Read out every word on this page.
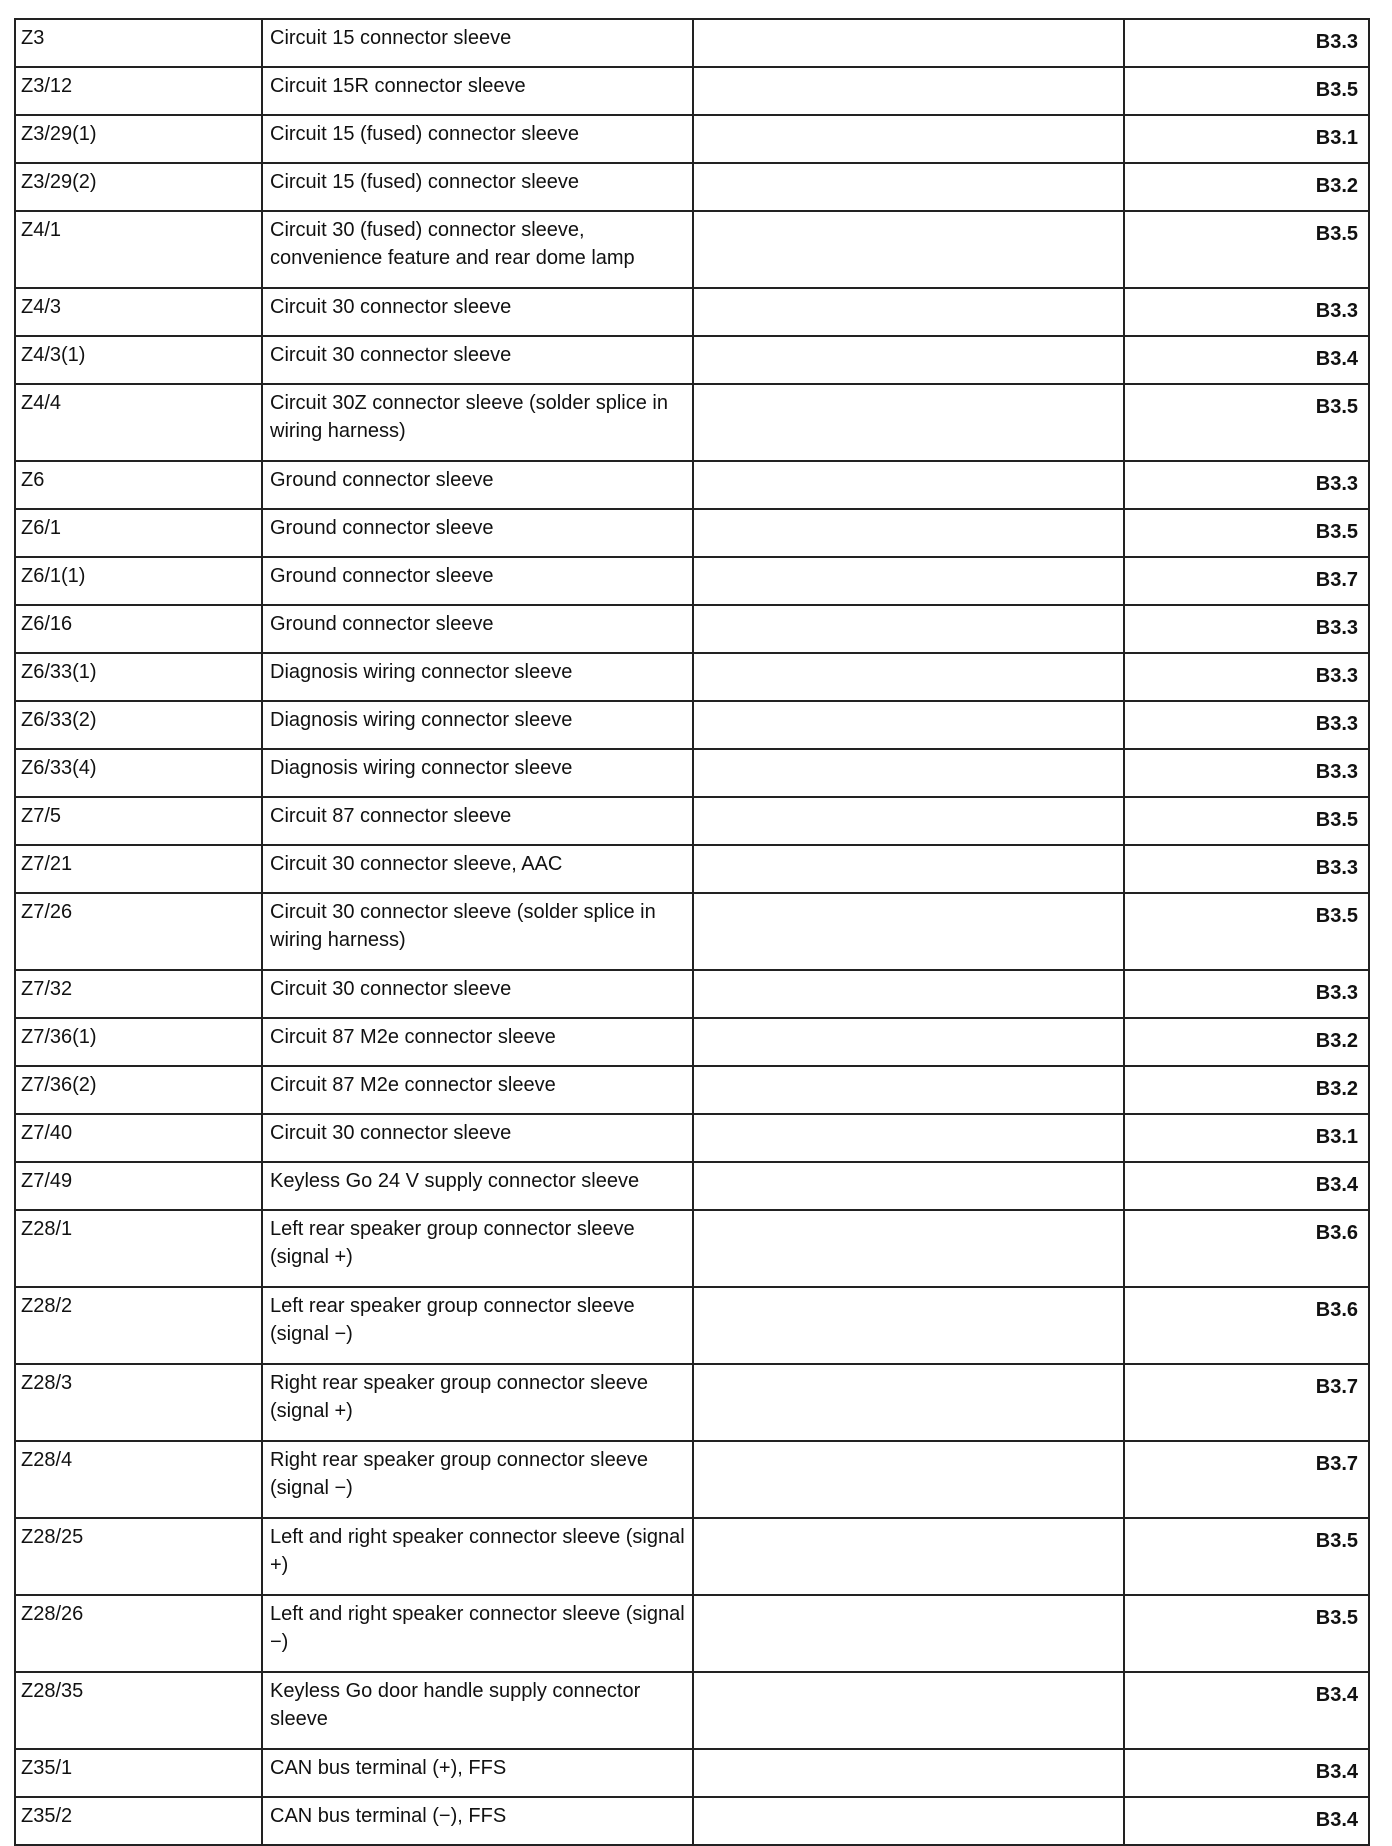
Z3	Circuit 15 connector sleeve		B3.3
Z3/12	Circuit 15R connector sleeve		B3.5
Z3/29(1)	Circuit 15 (fused) connector sleeve		B3.1
Z3/29(2)	Circuit 15 (fused) connector sleeve		B3.2
Z4/1	Circuit 30 (fused) connector sleeve, convenience feature and rear dome lamp		B3.5
Z4/3	Circuit 30 connector sleeve		B3.3
Z4/3(1)	Circuit 30 connector sleeve		B3.4
Z4/4	Circuit 30Z connector sleeve (solder splice in wiring harness)		B3.5
Z6	Ground connector sleeve		B3.3
Z6/1	Ground connector sleeve		B3.5
Z6/1(1)	Ground connector sleeve		B3.7
Z6/16	Ground connector sleeve		B3.3
Z6/33(1)	Diagnosis wiring connector sleeve		B3.3
Z6/33(2)	Diagnosis wiring connector sleeve		B3.3
Z6/33(4)	Diagnosis wiring connector sleeve		B3.3
Z7/5	Circuit 87 connector sleeve		B3.5
Z7/21	Circuit 30 connector sleeve, AAC		B3.3
Z7/26	Circuit 30 connector sleeve (solder splice in wiring harness)		B3.5
Z7/32	Circuit 30 connector sleeve		B3.3
Z7/36(1)	Circuit 87 M2e connector sleeve		B3.2
Z7/36(2)	Circuit 87 M2e connector sleeve		B3.2
Z7/40	Circuit 30 connector sleeve		B3.1
Z7/49	Keyless Go 24 V supply connector sleeve		B3.4
Z28/1	Left rear speaker group connector sleeve (signal +)		B3.6
Z28/2	Left rear speaker group connector sleeve (signal −)		B3.6
Z28/3	Right rear speaker group connector sleeve (signal +)		B3.7
Z28/4	Right rear speaker group connector sleeve (signal −)		B3.7
Z28/25	Left and right speaker connector sleeve (signal +)		B3.5
Z28/26	Left and right speaker connector sleeve (signal −)		B3.5
Z28/35	Keyless Go door handle supply connector sleeve		B3.4
Z35/1	CAN bus terminal (+), FFS		B3.4
Z35/2	CAN bus terminal (−), FFS		B3.4
